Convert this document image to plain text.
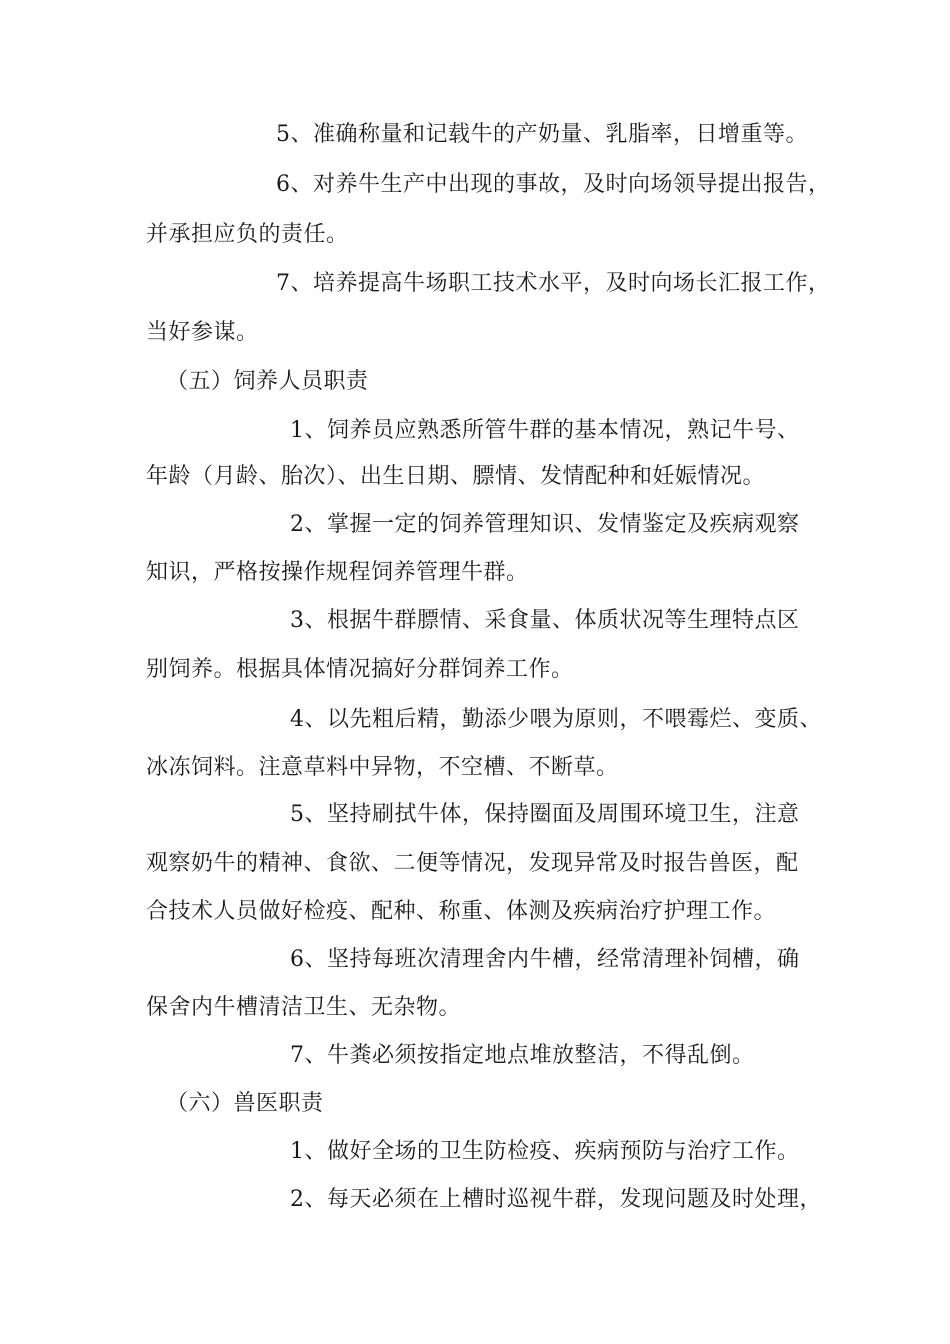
5、准确称量和记载牛的产奶量、乳脂率，日增重等。
6、对养牛生产中出现的事故，及时向场领导提出报告，
并承担应负的责任。
7、培养提高牛场职工技术水平，及时向场长汇报工作，
当好参谋。
（五）饲养人员职责
1、饲养员应熟悉所管牛群的基本情况，熟记牛号、
年龄（月龄、胎次）、出生日期、膘情、发情配种和妊娠情况。
2、掌握一定的饲养管理知识、发情鉴定及疾病观察
知识，严格按操作规程饲养管理牛群。
3、根据牛群膘情、采食量、体质状况等生理特点区
别饲养。根据具体情况搞好分群饲养工作。
4、以先粗后精，勤添少喂为原则，不喂霉烂、变质、
冰冻饲料。注意草料中异物，不空槽、不断草。
5、坚持刷拭牛体，保持圈面及周围环境卫生，注意
观察奶牛的精神、食欲、二便等情况，发现异常及时报告兽医，配
合技术人员做好检疫、配种、称重、体测及疾病治疗护理工作。
6、坚持每班次清理舍内牛槽，经常清理补饲槽，确
保舍内牛槽清洁卫生、无杂物。
7、牛粪必须按指定地点堆放整洁，不得乱倒。
（六）兽医职责
1、做好全场的卫生防检疫、疾病预防与治疗工作。
2、每天必须在上槽时巡视牛群，发现问题及时处理，
